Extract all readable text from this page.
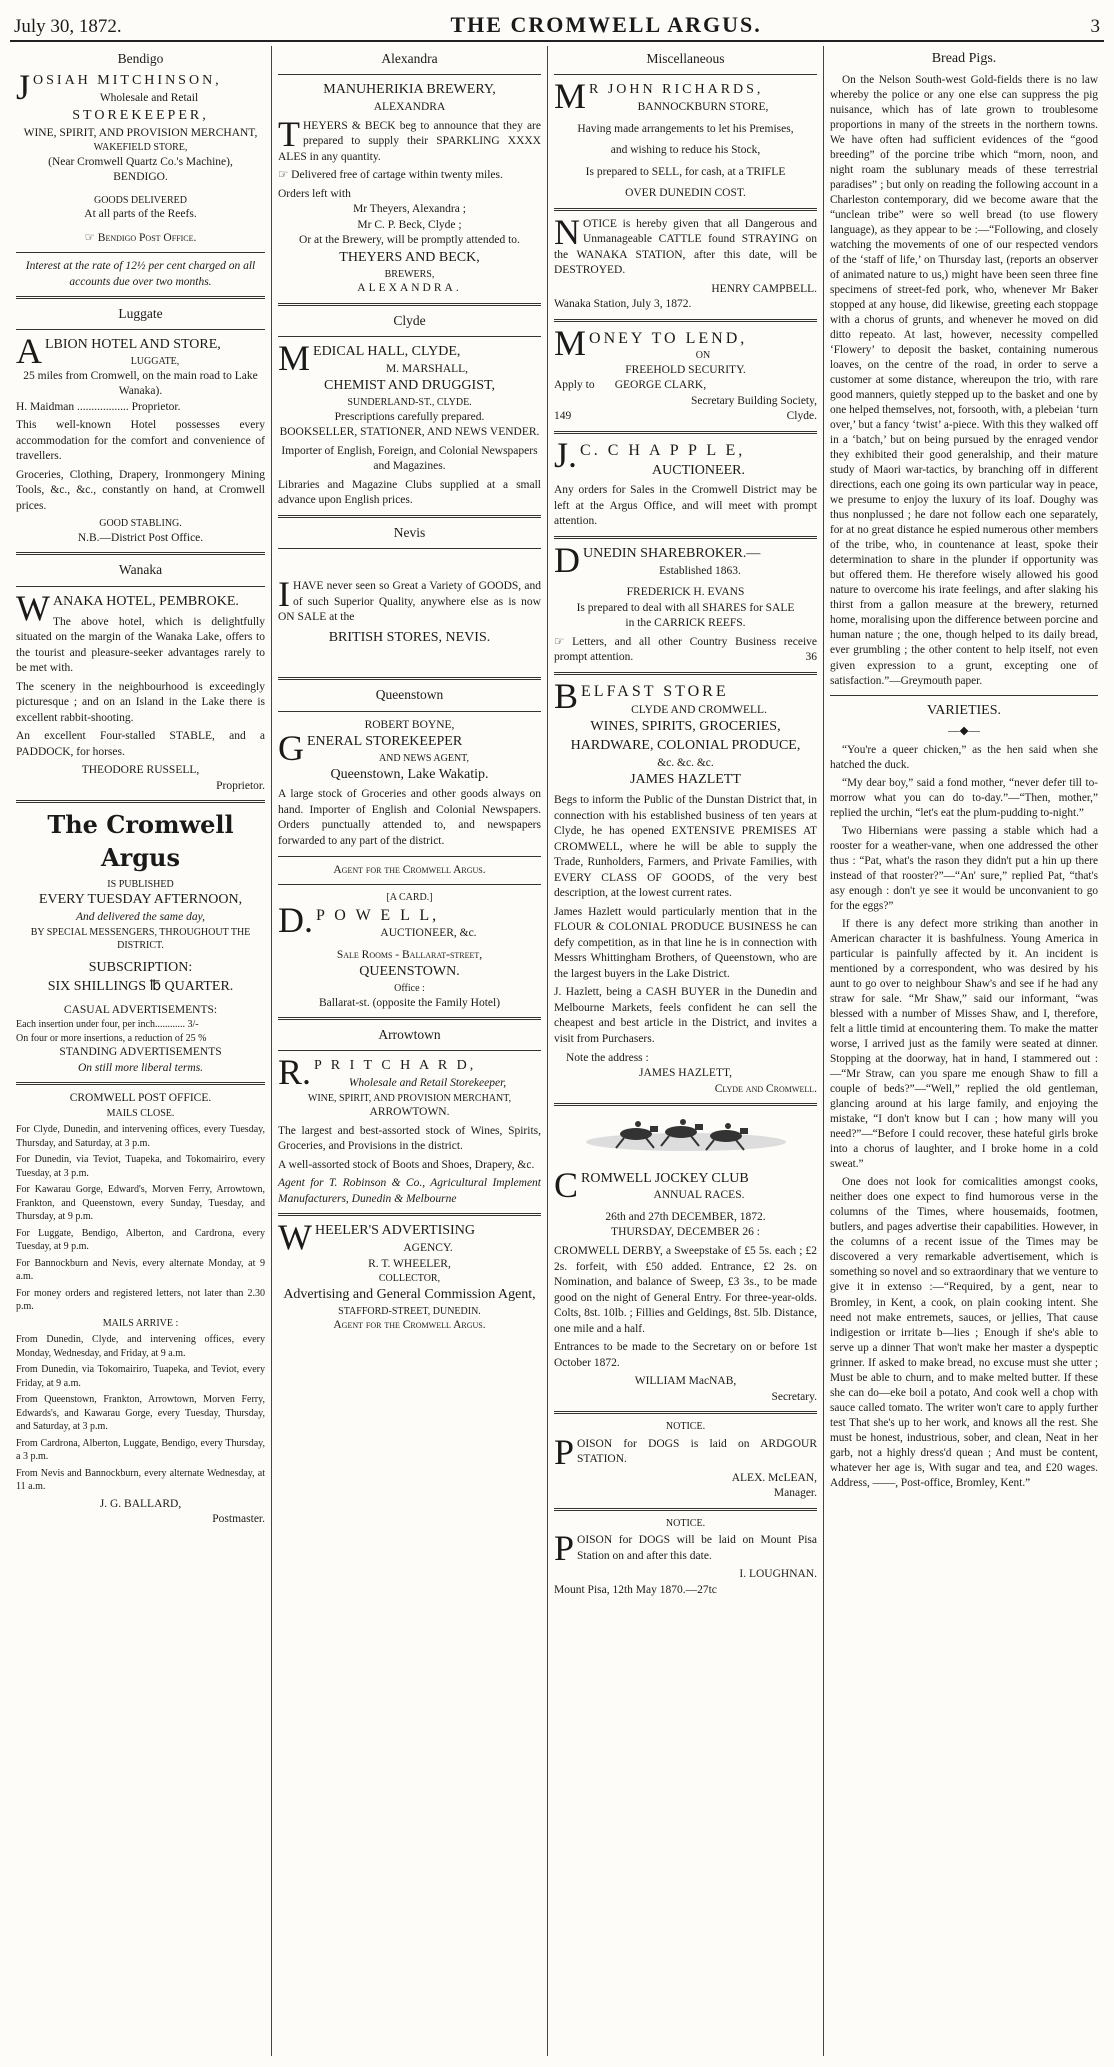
July 30, 1872.	THE CROMWELL ARGUS.	3
Bendigo
JOSIAH MITCHINSON,
Wholesale and Retail
STOREKEEPER,
WINE, SPIRIT, AND PROVISION MERCHANT,
WAKEFIELD STORE,
(Near Cromwell Quartz Co.'s Machine),
BENDIGO.
GOODS DELIVERED
At all parts of the Reefs.
☞ Bendigo Post Office.
Interest at the rate of 12½ per cent charged on all accounts due over two months.
Luggate
ALBION HOTEL AND STORE,
LUGGATE,
25 miles from Cromwell, on the main road to Lake Wanaka).
H. Maidman .................. Proprietor.

This well-known Hotel possesses every accommodation for the comfort and convenience of travellers.

Groceries, Clothing, Drapery, Ironmongery Mining Tools, &c., &c., constantly on hand, at Cromwell prices.

GOOD STABLING.
N.B.—District Post Office.
Wanaka
WANAKA HOTEL, PEMBROKE.

The above hotel, which is delightfully situated on the margin of the Wanaka Lake, offers to the tourist and pleasure-seeker advantages rarely to be met with.

The scenery in the neighbourhood is exceedingly picturesque ; and on an Island in the Lake there is excellent rabbit-shooting.

An excellent Four-stalled STABLE, and a PADDOCK, for horses.

THEODORE RUSSELL,
Proprietor.
The Cromwell Argus
IS PUBLISHED
EVERY TUESDAY AFTERNOON,
And delivered the same day,
BY SPECIAL MESSENGERS, THROUGHOUT THE DISTRICT.
SUBSCRIPTION:
SIX SHILLINGS ℔ QUARTER.
CASUAL ADVERTISEMENTS:
Each insertion under four, per inch............ 3/-
On four or more insertions, a reduction of 25 %
STANDING ADVERTISEMENTS
On still more liberal terms.
CROMWELL POST OFFICE.
MAILS CLOSE.

For Clyde, Dunedin, and intervening offices, every Tuesday, Thursday, and Saturday, at 3 p.m.

For Dunedin, via Teviot, Tuapeka, and Tokomairiro, every Tuesday, at 3 p.m.

For Kawarau Gorge, Edward's, Morven Ferry, Arrowtown, Frankton, and Queenstown, every Sunday, Tuesday, and Thursday, at 9 p.m.

For Luggate, Bendigo, Alberton, and Cardrona, every Tuesday, at 9 p.m.

For Bannockburn and Nevis, every alternate Monday, at 9 a.m.

For money orders and registered letters, not later than 2.30 p.m.

MAILS ARRIVE :

From Dunedin, Clyde, and intervening offices, every Monday, Wednesday, and Friday, at 9 a.m.

From Dunedin, via Tokomairiro, Tuapeka, and Teviot, every Friday, at 9 a.m.

From Queenstown, Frankton, Arrowtown, Morven Ferry, Edwards's, and Kawarau Gorge, every Tuesday, Thursday, and Saturday, at 3 p.m.

From Cardrona, Alberton, Luggate, Bendigo, every Thursday, a 3 p.m.

From Nevis and Bannockburn, every alternate Wednesday, at 11 a.m.

J. G. BALLARD,
Postmaster.
Alexandra
MANUHERIKIA BREWERY,
ALEXANDRA

THEYERS & BECK beg to announce that they are prepared to supply their SPARKLING XXXX ALES in any quantity.

☞ Delivered free of cartage within twenty miles.

Orders left with
Mr Theyers, Alexandra ;
Mr C. P. Beck, Clyde ;
Or at the Brewery, will be promptly attended to.
THEYERS AND BECK,
BREWERS,
ALEXANDRA.
Clyde
MEDICAL HALL, CLYDE,
M. MARSHALL,
CHEMIST AND DRUGGIST,
SUNDERLAND-ST., CLYDE.
Prescriptions carefully prepared.
BOOKSELLER, STATIONER, AND NEWS VENDER.

Importer of English, Foreign, and Colonial Newspapers and Magazines.

Libraries and Magazine Clubs supplied at a small advance upon English prices.

Nevis

IHAVE never seen so Great a Variety of GOODS, and of such Superior Quality, anywhere else as is now ON SALE at the

BRITISH STORES, NEVIS.
Queenstown
ROBERT BOYNE,
GENERAL STOREKEEPER
AND NEWS AGENT,
Queenstown, Lake Wakatip.

A large stock of Groceries and other goods always on hand. Importer of English and Colonial Newspapers. Orders punctually attended to, and newspapers forwarded to any part of the district.

Agent for the Cromwell Argus.
[A CARD.]
D. P O W E L L,
AUCTIONEER, &c.
Sale Rooms - Ballarat-street,
QUEENSTOWN.
Office :
Ballarat-st. (opposite the Family Hotel)
Arrowtown
R. P R I T C H A R D,
Wholesale and Retail Storekeeper,
WINE, SPIRIT, AND PROVISION MERCHANT,
ARROWTOWN.

The largest and best-assorted stock of Wines, Spirits, Groceries, and Provisions in the district.

A well-assorted stock of Boots and Shoes, Drapery, &c.

Agent for T. Robinson & Co., Agricultural Implement Manufacturers, Dunedin & Melbourne

WHEELER'S ADVERTISING
AGENCY.
R. T. WHEELER,
COLLECTOR,
Advertising and General Commission Agent,
STAFFORD-STREET, DUNEDIN.
Agent for the Cromwell Argus.
Miscellaneous
M R JOHN RICHARDS,
BANNOCKBURN STORE,
Having made arrangements to let his Premises,
and wishing to reduce his Stock,
Is prepared to SELL, for cash, at a TRIFLE
OVER DUNEDIN COST.

NOTICE is hereby given that all Dangerous and Unmanageable CATTLE found STRAYING on the WANAKA STATION, after this date, will be DESTROYED.

HENRY CAMPBELL.
Wanaka Station, July 3, 1872.
MONEY TO LEND,
ON
FREEHOLD SECURITY.
Apply to GEORGE CLARK,
Secretary Building Society,
149	Clyde.
J. C. C H A P P L E,
AUCTIONEER.

Any orders for Sales in the Cromwell District may be left at the Argus Office, and will meet with prompt attention.

DUNEDIN SHAREBROKER.—
Established 1863.
FREDERICK H. EVANS
Is prepared to deal with all SHARES for SALE
in the CARRICK REEFS.

☞ Letters, and all other Country Business receive prompt attention.	36

BELFAST STORE
CLYDE AND CROMWELL.
WINES, SPIRITS, GROCERIES, HARDWARE, COLONIAL PRODUCE,
&c. &c. &c.
JAMES HAZLETT

Begs to inform the Public of the Dunstan District that, in connection with his established business of ten years at Clyde, he has opened EXTENSIVE PREMISES AT CROMWELL, where he will be able to supply the Trade, Runholders, Farmers, and Private Families, with EVERY CLASS OF GOODS, of the very best description, at the lowest current rates.

James Hazlett would particularly mention that in the FLOUR & COLONIAL PRODUCE BUSINESS he can defy competition, as in that line he is in connection with Messrs Whittingham Brothers, of Queenstown, who are the largest buyers in the Lake District.

J. Hazlett, being a CASH BUYER in the Dunedin and Melbourne Markets, feels confident he can sell the cheapest and best article in the District, and invites a visit from Purchasers.

Note the address :
JAMES HAZLETT,
Clyde and Cromwell.
CROMWELL JOCKEY CLUB
ANNUAL RACES.
26th and 27th DECEMBER, 1872.
THURSDAY, DECEMBER 26 :

CROMWELL DERBY, a Sweepstake of £5 5s. each ; £2 2s. forfeit, with £50 added. Entrance, £2 2s. on Nomination, and balance of Sweep, £3 3s., to be made good on the night of General Entry. For three-year-olds. Colts, 8st. 10lb. ; Fillies and Geldings, 8st. 5lb. Distance, one mile and a half.

Entrances to be made to the Secretary on or before 1st October 1872.

WILLIAM MacNAB,
Secretary.
NOTICE.

POISON for DOGS is laid on ARDGOUR STATION.

ALEX. McLEAN,
Manager.
NOTICE.

POISON for DOGS will be laid on Mount Pisa Station on and after this date.

I. LOUGHNAN.
Mount Pisa, 12th May 1870.—27tc
Bread Pigs.

On the Nelson South-west Gold-fields there is no law whereby the police or any one else can suppress the pig nuisance, which has of late grown to troublesome proportions in many of the streets in the northern towns. We have often had sufficient evidences of the “good breeding” of the porcine tribe which “morn, noon, and night roam the sublunary meads of these terrestrial paradises” ; but only on reading the following account in a Charleston contemporary, did we become aware that the “unclean tribe” were so well bread (to use flowery language), as they appear to be :—“Following, and closely watching the movements of one of our respected vendors of the ‘staff of life,’ on Thursday last, (reports an observer of animated nature to us,) might have been seen three fine specimens of street-fed pork, who, whenever Mr Baker stopped at any house, did likewise, greeting each stoppage with a chorus of grunts, and whenever he moved on did ditto repeato. At last, however, necessity compelled ‘Flowery’ to deposit the basket, containing numerous loaves, on the centre of the road, in order to serve a customer at some distance, whereupon the trio, with rare good manners, quietly stepped up to the basket and one by one helped themselves, not, forsooth, with, a plebeian ‘turn over,’ but a fancy ‘twist’ a-piece. With this they walked off in a ‘batch,’ but on being pursued by the enraged vendor they exhibited their good generalship, and their mature study of Maori war-tactics, by branching off in different directions, each one going its own particular way in peace, we presume to enjoy the luxury of its loaf. Doughy was thus nonplussed ; he dare not follow each one separately, for at no great distance he espied numerous other members of the tribe, who, in countenance at least, spoke their determination to share in the plunder if opportunity was but offered them. He therefore wisely allowed his good nature to overcome his irate feelings, and after slaking his thirst from a gallon measure at the brewery, returned home, moralising upon the difference between porcine and human nature ; the one, though helped to its daily bread, ever grumbling ; the other content to help itself, not even given expression to a grunt, excepting one of satisfaction.”—Greymouth paper.

VARIETIES.
—◆—

“You're a queer chicken,” as the hen said when she hatched the duck.

“My dear boy,” said a fond mother, “never defer till to-morrow what you can do to-day.”—“Then, mother,” replied the urchin, “let's eat the plum-pudding to-night.”

Two Hibernians were passing a stable which had a rooster for a weather-vane, when one addressed the other thus : “Pat, what's the rason they didn't put a hin up there instead of that rooster?”—“An' sure,” replied Pat, “that's asy enough : don't ye see it would be unconvanient to go for the eggs?”

If there is any defect more striking than another in American character it is bashfulness. Young America in particular is painfully affected by it. An incident is mentioned by a correspondent, who was desired by his aunt to go over to neighbour Shaw's and see if he had any straw for sale. “Mr Shaw,” said our informant, “was blessed with a number of Misses Shaw, and I, therefore, felt a little timid at encountering them. To make the matter worse, I arrived just as the family were seated at dinner. Stopping at the doorway, hat in hand, I stammered out :—“Mr Straw, can you spare me enough Shaw to fill a couple of beds?”—“Well,” replied the old gentleman, glancing around at his large family, and enjoying the mistake, “I don't know but I can ; how many will you need?”—“Before I could recover, these hateful girls broke into a chorus of laughter, and I broke home in a cold sweat.”

One does not look for comicalities amongst cooks, neither does one expect to find humorous verse in the columns of the Times, where housemaids, footmen, butlers, and pages advertise their capabilities. However, in the columns of a recent issue of the Times may be discovered a very remarkable advertisement, which is something so novel and so extraordinary that we venture to give it in extenso :—“Required, by a gent, near to Bromley, in Kent, a cook, on plain cooking intent. She need not make entremets, sauces, or jellies, That cause indigestion or irritate b—lies ; Enough if she's able to serve up a dinner That won't make her master a dyspeptic grinner. If asked to make bread, no excuse must she utter ; Must be able to churn, and to make melted butter. If these she can do—eke boil a potato, And cook well a chop with sauce called tomato. The writer won't care to apply further test That she's up to her work, and knows all the rest. She must be honest, industrious, sober, and clean, Neat in her garb, not a highly dress'd quean ; And must be content, whatever her age is, With sugar and tea, and £20 wages. Address, ——, Post-office, Bromley, Kent.”
